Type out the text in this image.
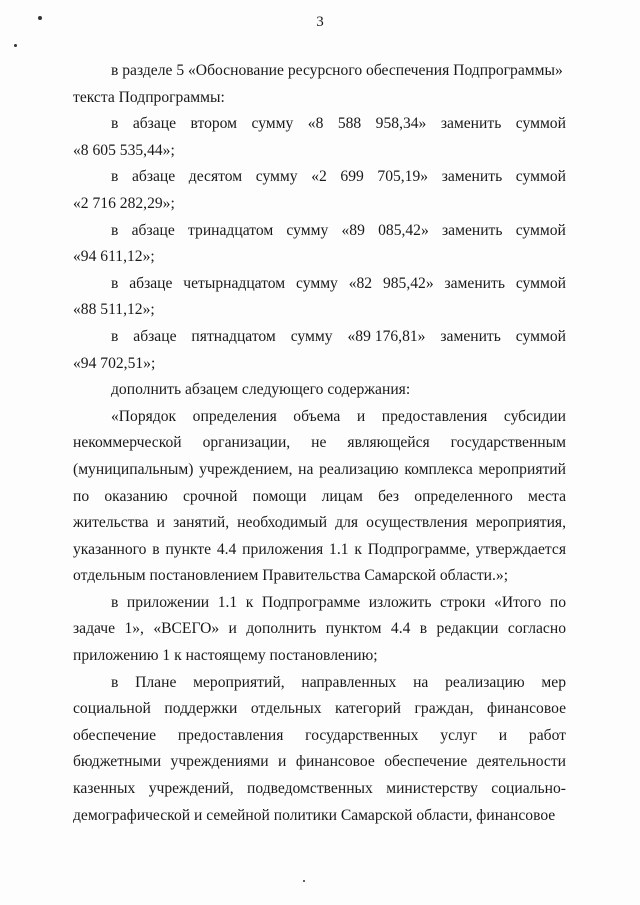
3
в разделе 5 «Обоснование ресурсного обеспечения Подпрограммы»
текста Подпрограммы:
в абзаце втором сумму «8 588 958,34» заменить суммой
«8 605 535,44»;
в абзаце десятом сумму «2 699 705,19» заменить суммой
«2 716 282,29»;
в абзаце тринадцатом сумму «89 085,42» заменить суммой
«94 611,12»;
в абзаце четырнадцатом сумму «82 985,42» заменить суммой
«88 511,12»;
в абзаце пятнадцатом сумму «89 176,81» заменить суммой
«94 702,51»;
дополнить абзацем следующего содержания:
«Порядок определения объема и предоставления субсидии некоммерческой организации, не являющейся государственным (муниципальным) учреждением, на реализацию комплекса мероприятий по оказанию срочной помощи лицам без определенного места жительства и занятий, необходимый для осуществления мероприятия, указанного в пункте 4.4 приложения 1.1 к Подпрограмме, утверждается отдельным постановлением Правительства Самарской области.»;
в приложении 1.1 к Подпрограмме изложить строки «Итого по задаче 1», «ВСЕГО» и дополнить пунктом 4.4 в редакции согласно приложению 1 к настоящему постановлению;
в Плане мероприятий, направленных на реализацию мер социальной поддержки отдельных категорий граждан, финансовое обеспечение предоставления государственных услуг и работ бюджетными учреждениями и финансовое обеспечение деятельности казенных учреждений, подведомственных министерству социально-демографической и семейной политики Самарской области, финансовое
